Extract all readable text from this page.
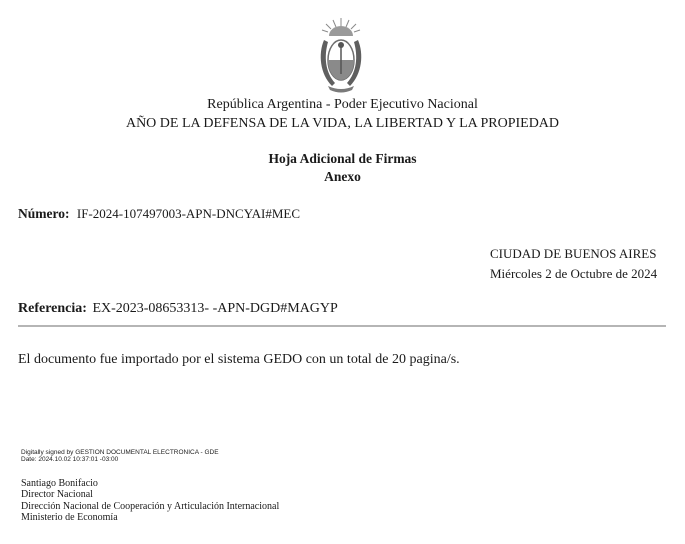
República Argentina - Poder Ejecutivo Nacional
AÑO DE LA DEFENSA DE LA VIDA, LA LIBERTAD Y LA PROPIEDAD
Hoja Adicional de Firmas
Anexo
Número: IF-2024-107497003-APN-DNCYAI#MEC
CIUDAD DE BUENOS AIRES
Miércoles 2 de Octubre de 2024
Referencia: EX-2023-08653313- -APN-DGD#MAGYP
El documento fue importado por el sistema GEDO con un total de 20 pagina/s.
Digitally signed by GESTION DOCUMENTAL ELECTRONICA - GDE
Date: 2024.10.02 10:37:01 -03:00
Santiago Bonifacio
Director Nacional
Dirección Nacional de Cooperación y Articulación Internacional
Ministerio de Economía
